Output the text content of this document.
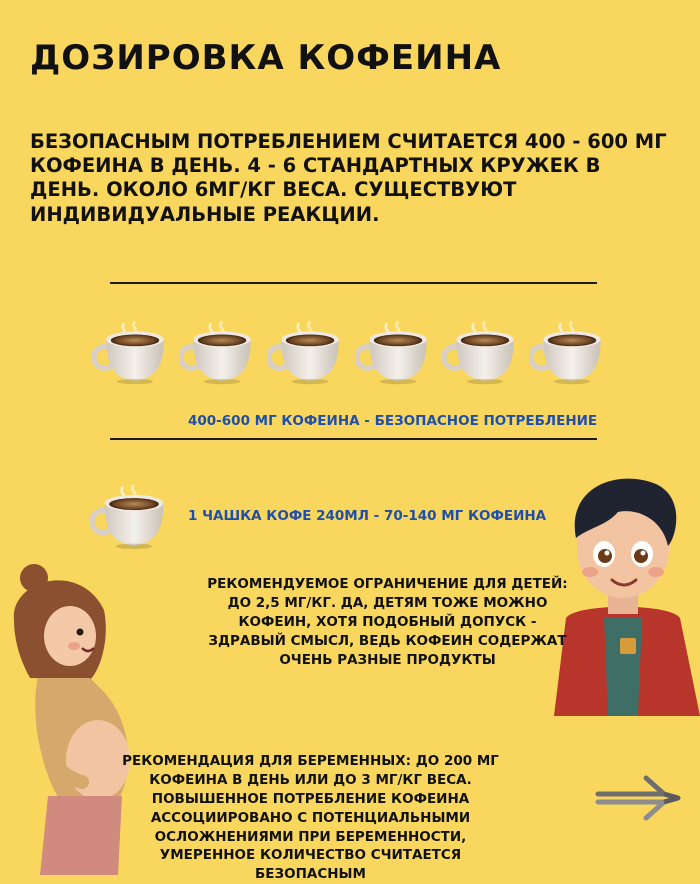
ДОЗИРОВКА КОФЕИНА
БЕЗОПАСНЫМ ПОТРЕБЛЕНИЕМ СЧИТАЕТСЯ 400 - 600 МГ КОФЕИНА В ДЕНЬ. 4 - 6 СТАНДАРТНЫХ КРУЖЕК В ДЕНЬ. ОКОЛО 6МГ/КГ ВЕСА. СУЩЕСТВУЮТ ИНДИВИДУАЛЬНЫЕ РЕАКЦИИ.
400-600 МГ КОФЕИНА - БЕЗОПАСНОЕ ПОТРЕБЛЕНИЕ
1 ЧАШКА КОФЕ 240МЛ - 70-140 МГ КОФЕИНА
РЕКОМЕНДУЕМОЕ ОГРАНИЧЕНИЕ ДЛЯ ДЕТЕЙ: ДО 2,5 МГ/КГ. ДА, ДЕТЯМ ТОЖЕ МОЖНО КОФЕИН, ХОТЯ ПОДОБНЫЙ ДОПУСК - ЗДРАВЫЙ СМЫСЛ, ВЕДЬ КОФЕИН СОДЕРЖАТ ОЧЕНЬ РАЗНЫЕ ПРОДУКТЫ
РЕКОМЕНДАЦИЯ ДЛЯ БЕРЕМЕННЫХ: ДО 200 МГ КОФЕИНА В ДЕНЬ ИЛИ ДО 3 МГ/КГ ВЕСА. ПОВЫШЕННОЕ ПОТРЕБЛЕНИЕ КОФЕИНА АССОЦИИРОВАНО С ПОТЕНЦИАЛЬНЫМИ ОСЛОЖНЕНИЯМИ ПРИ БЕРЕМЕННОСТИ, УМЕРЕННОЕ КОЛИЧЕСТВО СЧИТАЕТСЯ БЕЗОПАСНЫМ
